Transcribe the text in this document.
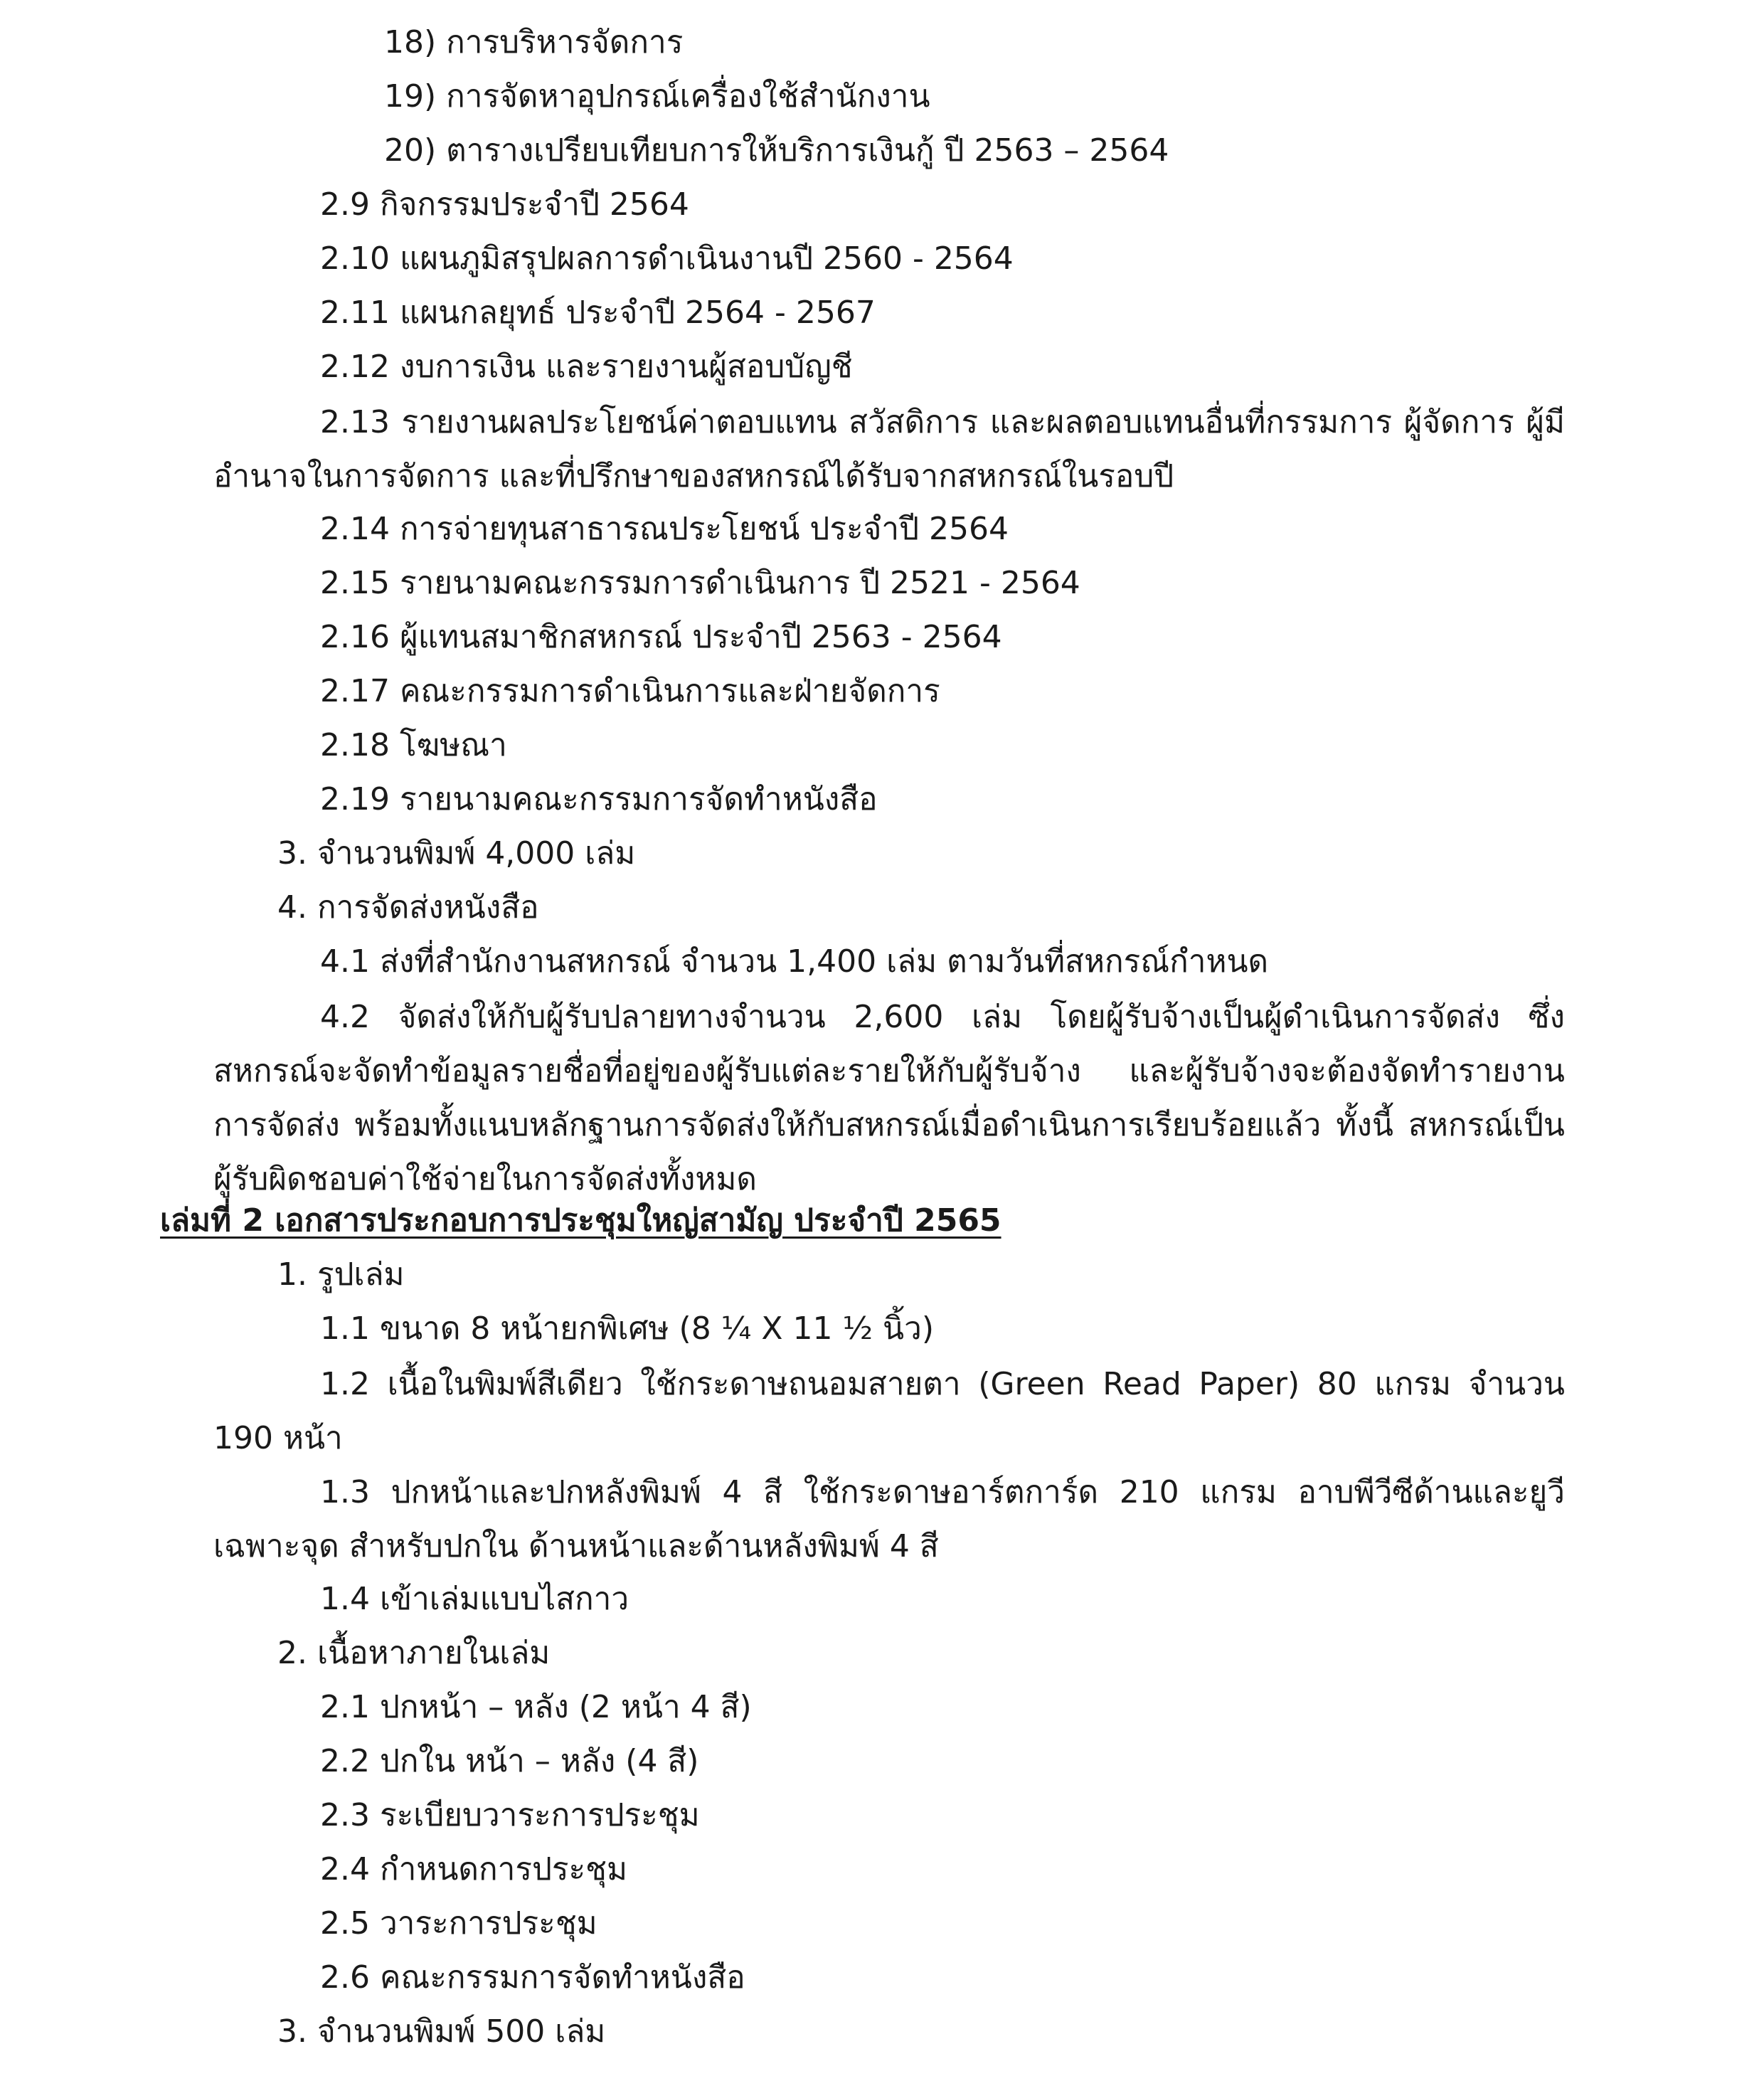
18) การบริหารจัดการ
19) การจัดหาอุปกรณ์เครื่องใช้สำนักงาน
20) ตารางเปรียบเทียบการให้บริการเงินกู้ ปี 2563 – 2564
2.9 กิจกรรมประจำปี 2564
2.10 แผนภูมิสรุปผลการดำเนินงานปี 2560 - 2564
2.11 แผนกลยุทธ์ ประจำปี 2564 - 2567
2.12 งบการเงิน และรายงานผู้สอบบัญชี

2.13 รายงานผลประโยชน์ค่าตอบแทน สวัสดิการ และผลตอบแทนอื่นที่กรรมการ ผู้จัดการ ผู้มีอำนาจในการจัดการ และที่ปรึกษาของสหกรณ์ได้รับจากสหกรณ์ในรอบปี

2.14 การจ่ายทุนสาธารณประโยชน์ ประจำปี 2564
2.15 รายนามคณะกรรมการดำเนินการ ปี 2521 - 2564
2.16 ผู้แทนสมาชิกสหกรณ์ ประจำปี 2563 - 2564
2.17 คณะกรรมการดำเนินการและฝ่ายจัดการ
2.18 โฆษณา
2.19 รายนามคณะกรรมการจัดทำหนังสือ
3. จำนวนพิมพ์ 4,000 เล่ม
4. การจัดส่งหนังสือ
4.1 ส่งที่สำนักงานสหกรณ์ จำนวน 1,400 เล่ม ตามวันที่สหกรณ์กำหนด

4.2 จัดส่งให้กับผู้รับปลายทางจำนวน 2,600 เล่ม โดยผู้รับจ้างเป็นผู้ดำเนินการจัดส่ง ซึ่งสหกรณ์จะจัดทำข้อมูลรายชื่อที่อยู่ของผู้รับแต่ละรายให้กับผู้รับจ้าง และผู้รับจ้างจะต้องจัดทำรายงานการจัดส่ง พร้อมทั้งแนบหลักฐานการจัดส่งให้กับสหกรณ์เมื่อดำเนินการเรียบร้อยแล้ว ทั้งนี้ สหกรณ์เป็นผู้รับผิดชอบค่าใช้จ่ายในการจัดส่งทั้งหมด

เล่มที่ 2 เอกสารประกอบการประชุมใหญ่สามัญ ประจำปี 2565
1. รูปเล่ม
1.1 ขนาด 8 หน้ายกพิเศษ (8 ¼ X 11 ½ นิ้ว)

1.2 เนื้อในพิมพ์สีเดียว ใช้กระดาษถนอมสายตา (Green Read Paper) 80 แกรม จำนวน 190 หน้า

1.3 ปกหน้าและปกหลังพิมพ์ 4 สี ใช้กระดาษอาร์ตการ์ด 210 แกรม อาบพีวีซีด้านและยูวีเฉพาะจุด สำหรับปกใน ด้านหน้าและด้านหลังพิมพ์ 4 สี

1.4 เข้าเล่มแบบไสกาว
2. เนื้อหาภายในเล่ม
2.1 ปกหน้า – หลัง (2 หน้า 4 สี)
2.2 ปกใน หน้า – หลัง (4 สี)
2.3 ระเบียบวาระการประชุม
2.4 กำหนดการประชุม
2.5 วาระการประชุม
2.6 คณะกรรมการจัดทำหนังสือ
3. จำนวนพิมพ์ 500 เล่ม
